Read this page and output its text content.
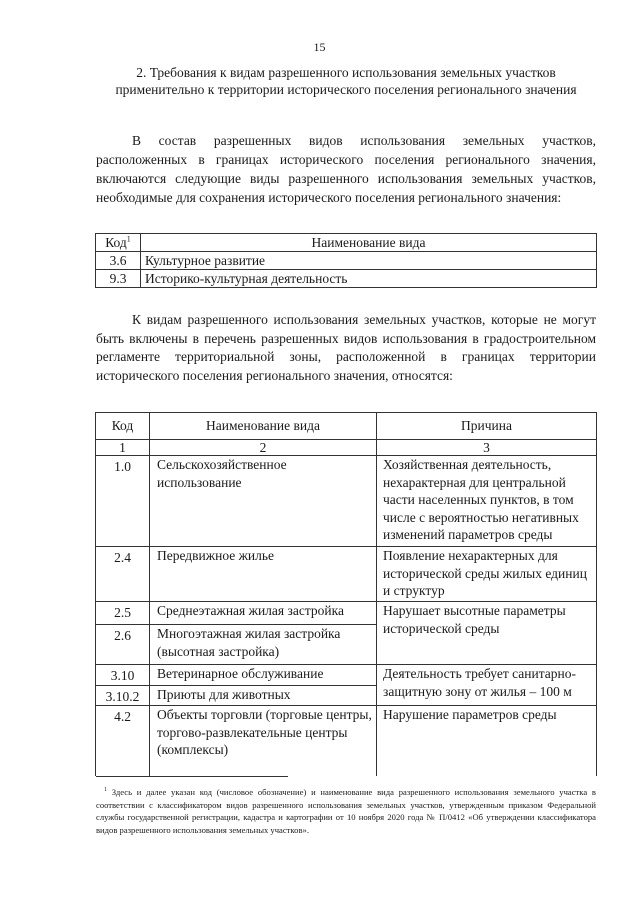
15
2. Требования к видам разрешенного использования земельных участков применительно к территории исторического поселения регионального значения

В состав разрешенных видов использования земельных участков, расположенных в границах исторического поселения регионального значения, включаются следующие виды разрешенного использования земельных участков, необходимые для сохранения исторического поселения регионального значения:

Код$^1$	Наименование вида
3.6	Культурное развитие
9.3	Историко-культурная деятельность

К видам разрешенного использования земельных участков, которые не могут быть включены в перечень разрешенных видов использования в градостроительном регламенте территориальной зоны, расположенной в границах территории исторического поселения регионального значения, относятся:

Код	Наименование вида	Причина
1	2	3
1.0	Сельскохозяйственное использование	Хозяйственная деятельность, нехарактерная для центральной части населенных пунктов, в том числе с вероятностью негативных изменений параметров среды
2.4	Передвижное жилье	Появление нехарактерных для исторической среды жилых единиц и структур
2.5	Среднеэтажная жилая застройка	Нарушает высотные параметры исторической среды
2.6	Многоэтажная жилая застройка (высотная застройка)	
3.10	Ветеринарное обслуживание	Деятельность требует санитарно-защитную зону от жилья – 100 м
3.10.2	Приюты для животных	
4.2	Объекты торговли (торговые центры, торгово-развлекательные центры (комплексы)	Нарушение параметров среды

$^1$ Здесь и далее указан код (числовое обозначение) и наименование вида разрешенного использования земельного участка в соответствии с классификатором видов разрешенного использования земельных участков, утвержденным приказом Федеральной службы государственной регистрации, кадастра и картографии от 10 ноября 2020 года № П/0412 «Об утверждении классификатора видов разрешенного использования земельных участков».
